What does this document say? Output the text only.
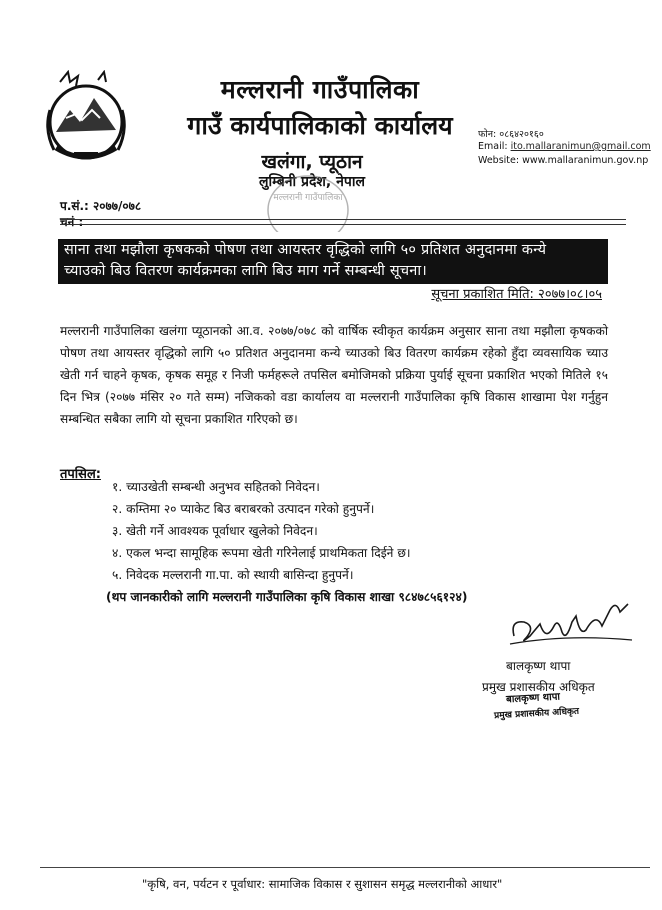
मल्लरानी गाउँपालिका
गाउँ कार्यपालिकाको कार्यालय
खलंगा, प्यूठान
लुम्बिनी प्रदेश, नेपाल
मल्लरानी गाउँपालिका
फोन: ०८६४२०१६०
Email: ito.mallaranimun@gmail.com
Website: www.mallaranimun.gov.np
प.सं.: २०७७/०७८
चनं :
साना तथा मझौला कृषकको पोषण तथा आयस्तर वृद्धिको लागि ५० प्रतिशत अनुदानमा कन्ये
च्याउको बिउ वितरण कार्यक्रमका लागि बिउ माग गर्ने सम्बन्धी सूचना।
सूचना प्रकाशित मिति: २०७७।०८।०५
मल्लरानी गाउँपालिका खलंगा प्यूठानको आ.व. २०७७/०७८ को वार्षिक स्वीकृत कार्यक्रम अनुसार साना तथा मझौला कृषकको पोषण तथा आयस्तर वृद्धिको लागि ५० प्रतिशत अनुदानमा कन्ये च्याउको बिउ वितरण कार्यक्रम रहेको हुँदा व्यवसायिक च्याउ खेती गर्न चाहने कृषक, कृषक समूह र निजी फर्महरूले तपसिल बमोजिमको प्रक्रिया पुर्याई सूचना प्रकाशित भएको मितिले १५ दिन भित्र (२०७७ मंसिर २० गते सम्म) नजिकको वडा कार्यालय वा मल्लरानी गाउँपालिका कृषि विकास शाखामा पेश गर्नुहुन सम्बन्धित सबैका लागि यो सूचना प्रकाशित गरिएको छ।
तपसिल:
१. च्याउखेती सम्बन्धी अनुभव सहितको निवेदन।
२. कम्तिमा २० प्याकेट बिउ बराबरको उत्पादन गरेको हुनुपर्ने।
३. खेती गर्ने आवश्यक पूर्वाधार खुलेको निवेदन।
४. एकल भन्दा सामूहिक रूपमा खेती गरिनेलाई प्राथमिकता दिईने छ।
५. निवेदक मल्लरानी गा.पा. को स्थायी बासिन्दा हुनुपर्ने।
(थप जानकारीको लागि मल्लरानी गाउँपालिका कृषि विकास शाखा ९८४७८५६१२४)
बालकृष्ण थापा
प्रमुख प्रशासकीय अधिकृत
बालकृष्ण थापा
प्रमुख प्रशासकीय अधिकृत
"कृषि, वन, पर्यटन र पूर्वाधार: सामाजिक विकास र सुशासन समृद्ध मल्लरानीको आधार"
